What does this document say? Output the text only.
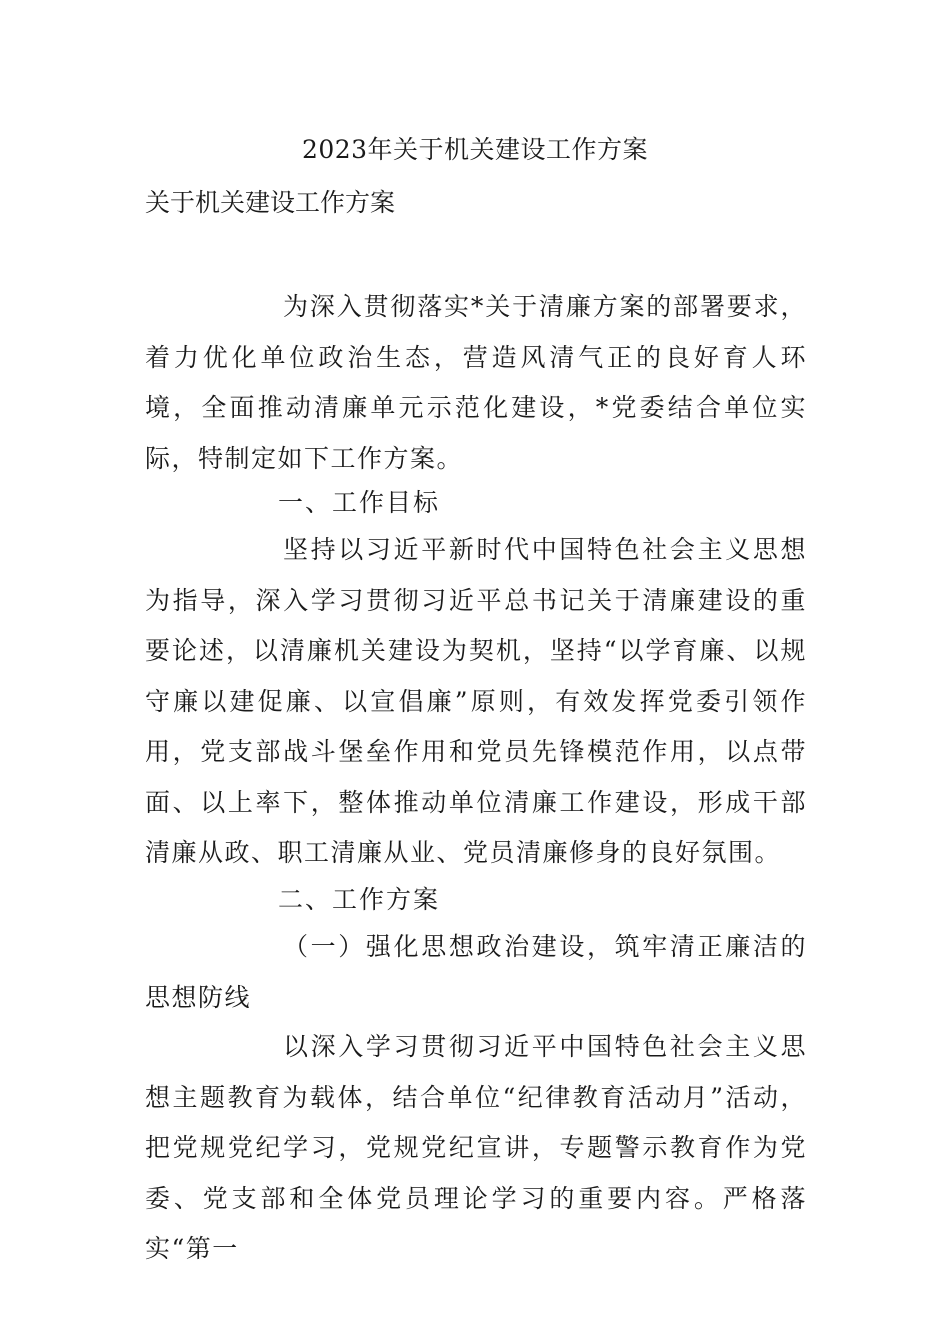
2023年关于机关建设工作方案
关于机关建设工作方案

为深入贯彻落实*关于清廉方案的部署要求，着力优化单位政治生态，营造风清气正的良好育人环境，全面推动清廉单元示范化建设，*党委结合单位实际，特制定如下工作方案。

一、工作目标

坚持以习近平新时代中国特色社会主义思想为指导，深入学习贯彻习近平总书记关于清廉建设的重要论述，以清廉机关建设为契机，坚持“以学育廉、以规守廉以建促廉、以宣倡廉”原则，有效发挥党委引领作用，党支部战斗堡垒作用和党员先锋模范作用，以点带面、以上率下，整体推动单位清廉工作建设，形成干部清廉从政、职工清廉从业、党员清廉修身的良好氛围。

二、工作方案

（一）强化思想政治建设，筑牢清正廉洁的思想防线

以深入学习贯彻习近平中国特色社会主义思想主题教育为载体，结合单位“纪律教育活动月”活动，把党规党纪学习，党规党纪宣讲，专题警示教育作为党委、党支部和全体党员理论学习的重要内容。严格落实“第一
